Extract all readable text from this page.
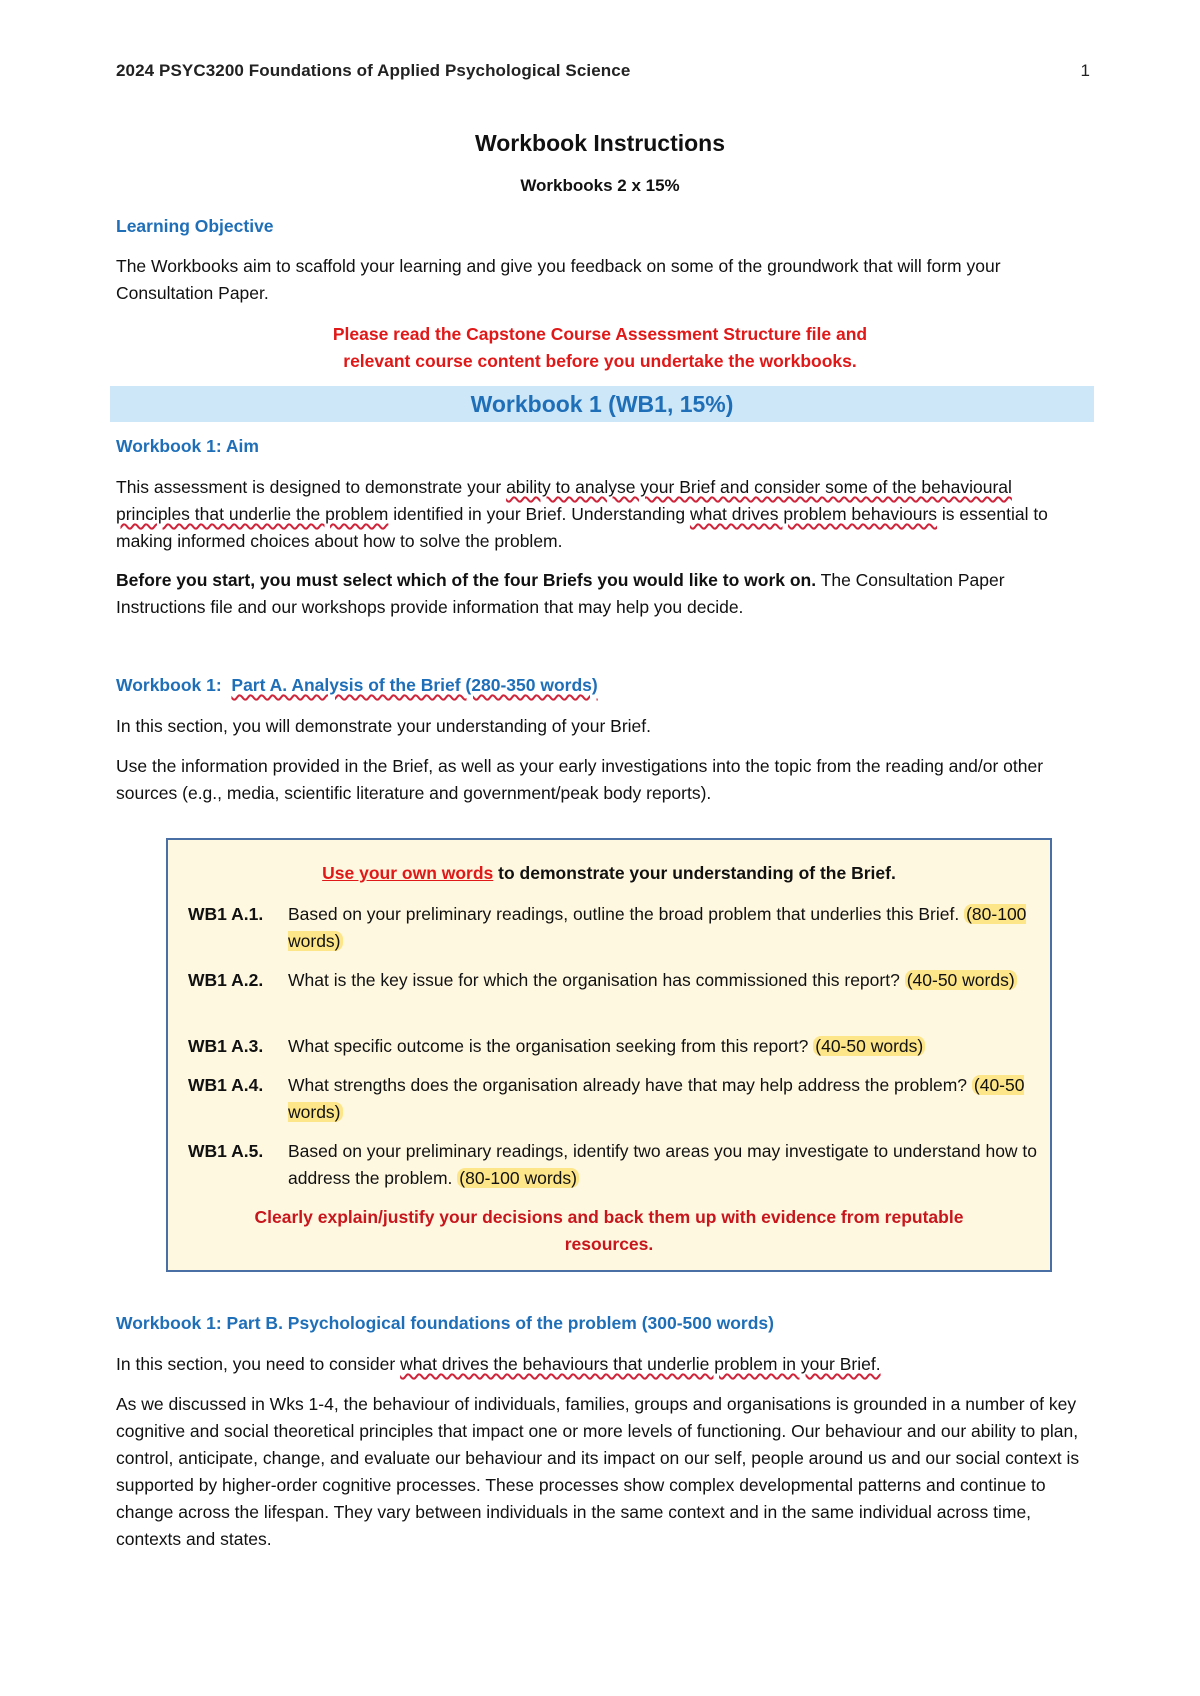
2024 PSYC3200 Foundations of Applied Psychological Science	1
Workbook Instructions
Workbooks 2 x 15%
Learning Objective
The Workbooks aim to scaffold your learning and give you feedback on some of the groundwork that will form your Consultation Paper.
Please read the Capstone Course Assessment Structure file and
relevant course content before you undertake the workbooks.
Workbook 1 (WB1, 15%)
Workbook 1: Aim

This assessment is designed to demonstrate your ability to analyse your Brief and consider some of the behavioural principles that underlie the problem identified in your Brief. Understanding what drives problem behaviours is essential to making informed choices about how to solve the problem.

Before you start, you must select which of the four Briefs you would like to work on. The Consultation Paper Instructions file and our workshops provide information that may help you decide.

Workbook 1:  Part A. Analysis of the Brief (280-350 words)
In this section, you will demonstrate your understanding of your Brief.
Use the information provided in the Brief, as well as your early investigations into the topic from the reading and/or other sources (e.g., media, scientific literature and government/peak body reports).
Use your own words to demonstrate your understanding of the Brief.
WB1 A.1. Based on your preliminary readings, outline the broad problem that underlies this Brief. (80-100 words)
WB1 A.2. What is the key issue for which the organisation has commissioned this report? (40-50 words)
WB1 A.3. What specific outcome is the organisation seeking from this report? (40-50 words)
WB1 A.4. What strengths does the organisation already have that may help address the problem? (40-50 words)
WB1 A.5. Based on your preliminary readings, identify two areas you may investigate to understand how to address the problem. (80-100 words)
Clearly explain/justify your decisions and back them up with evidence from reputable
resources.
Workbook 1: Part B. Psychological foundations of the problem (300-500 words)

In this section, you need to consider what drives the behaviours that underlie problem in your Brief.

As we discussed in Wks 1-4, the behaviour of individuals, families, groups and organisations is grounded in a number of key cognitive and social theoretical principles that impact one or more levels of functioning. Our behaviour and our ability to plan, control, anticipate, change, and evaluate our behaviour and its impact on our self, people around us and our social context is supported by higher-order cognitive processes. These processes show complex developmental patterns and continue to change across the lifespan. They vary between individuals in the same context and in the same individual across time, contexts and states.
